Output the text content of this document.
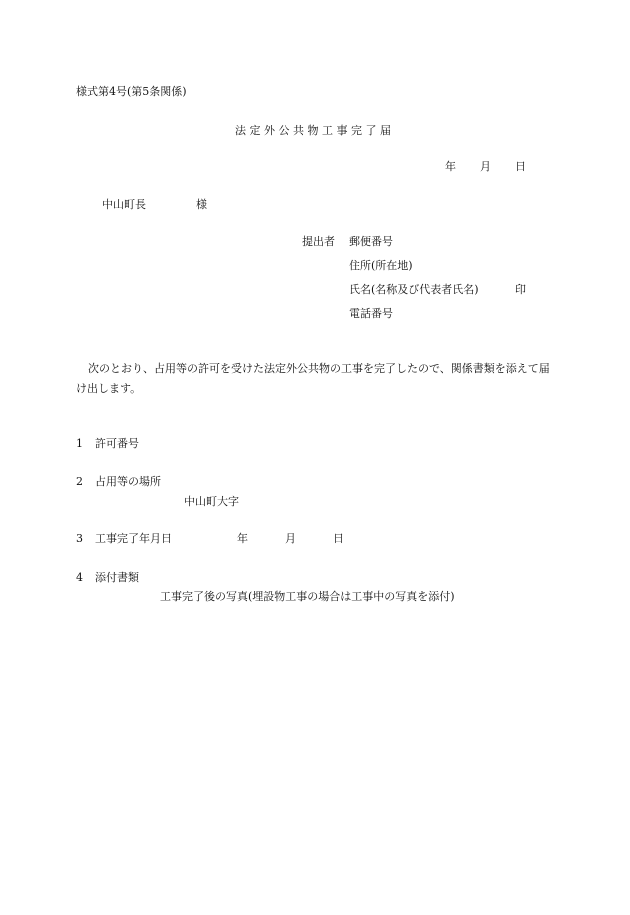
様式第4号(第5条関係)
法 定 外 公 共 物 工 事 完 了 届
年 月 日
中山町長	様
提出者 郵便番号
住所(所在地)
氏名(名称及び代表者氏名)	印
電話番号
次のとおり、占用等の許可を受けた法定外公共物の工事を完了したので、関係書類を添えて届け出します。
1 許可番号
2 占用等の場所
中山町大字
3 工事完了年月日	年	月	日
4 添付書類
工事完了後の写真(埋設物工事の場合は工事中の写真を添付)
